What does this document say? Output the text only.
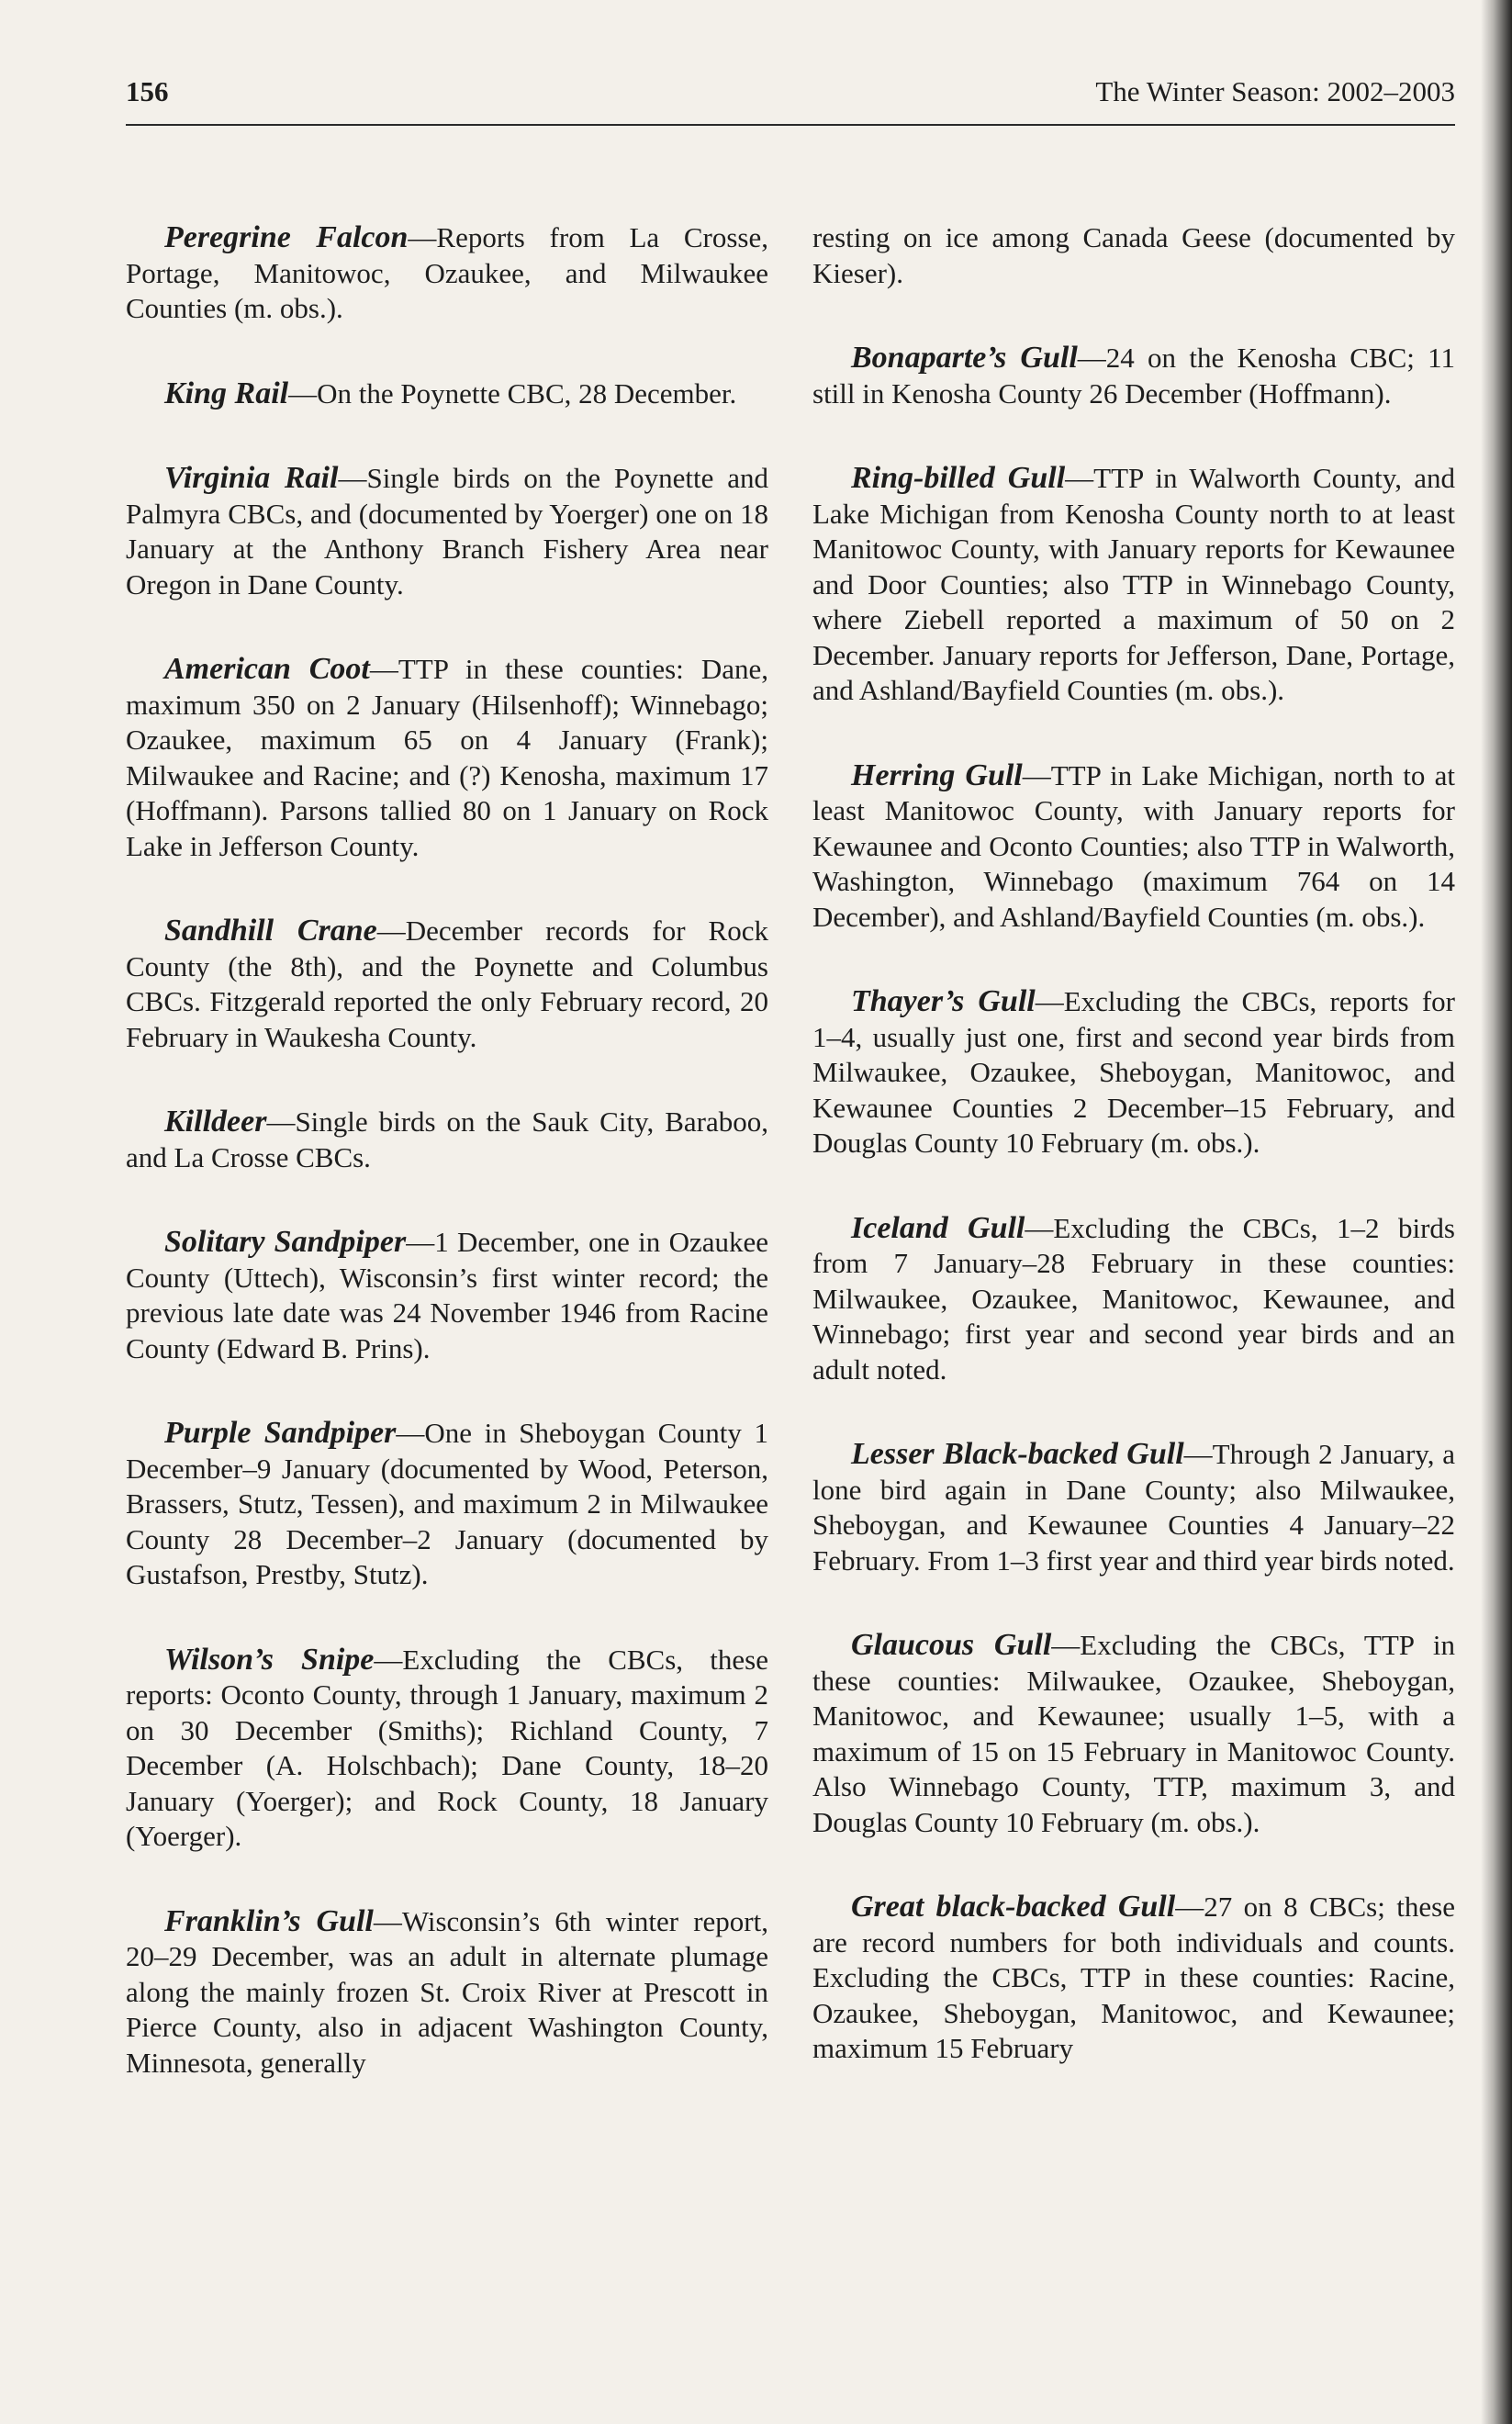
156	The Winter Season: 2002–2003

Peregrine Falcon—Reports from La Crosse, Portage, Manitowoc, Ozaukee, and Milwaukee Counties (m. obs.).

King Rail—On the Poynette CBC, 28 December.

Virginia Rail—Single birds on the Poynette and Palmyra CBCs, and (documented by Yoerger) one on 18 January at the Anthony Branch Fishery Area near Oregon in Dane County.

American Coot—TTP in these counties: Dane, maximum 350 on 2 January (Hilsenhoff); Winnebago; Ozaukee, maximum 65 on 4 January (Frank); Milwaukee and Racine; and (?) Kenosha, maximum 17 (Hoffmann). Parsons tallied 80 on 1 January on Rock Lake in Jefferson County.

Sandhill Crane—December records for Rock County (the 8th), and the Poynette and Columbus CBCs. Fitzgerald reported the only February record, 20 February in Waukesha County.

Killdeer—Single birds on the Sauk City, Baraboo, and La Crosse CBCs.

Solitary Sandpiper—1 December, one in Ozaukee County (Uttech), Wisconsin’s first winter record; the previous late date was 24 November 1946 from Racine County (Edward B. Prins).

Purple Sandpiper—One in Sheboygan County 1 December–9 January (documented by Wood, Peterson, Brassers, Stutz, Tessen), and maximum 2 in Milwaukee County 28 December–2 January (documented by Gustafson, Prestby, Stutz).

Wilson’s Snipe—Excluding the CBCs, these reports: Oconto County, through 1 January, maximum 2 on 30 December (Smiths); Richland County, 7 December (A. Holschbach); Dane County, 18–20 January (Yoerger); and Rock County, 18 January (Yoerger).

Franklin’s Gull—Wisconsin’s 6th winter report, 20–29 December, was an adult in alternate plumage along the mainly frozen St. Croix River at Prescott in Pierce County, also in adjacent Washington County, Minnesota, generally

resting on ice among Canada Geese (documented by Kieser).

Bonaparte’s Gull—24 on the Kenosha CBC; 11 still in Kenosha County 26 December (Hoffmann).

Ring-billed Gull—TTP in Walworth County, and Lake Michigan from Kenosha County north to at least Manitowoc County, with January reports for Kewaunee and Door Counties; also TTP in Winnebago County, where Ziebell reported a maximum of 50 on 2 December. January reports for Jefferson, Dane, Portage, and Ashland/Bayfield Counties (m. obs.).

Herring Gull—TTP in Lake Michigan, north to at least Manitowoc County, with January reports for Kewaunee and Oconto Counties; also TTP in Walworth, Washington, Winnebago (maximum 764 on 14 December), and Ashland/Bayfield Counties (m. obs.).

Thayer’s Gull—Excluding the CBCs, reports for 1–4, usually just one, first and second year birds from Milwaukee, Ozaukee, Sheboygan, Manitowoc, and Kewaunee Counties 2 December–15 February, and Douglas County 10 February (m. obs.).

Iceland Gull—Excluding the CBCs, 1–2 birds from 7 January–28 February in these counties: Milwaukee, Ozaukee, Manitowoc, Kewaunee, and Winnebago; first year and second year birds and an adult noted.

Lesser Black-backed Gull—Through 2 January, a lone bird again in Dane County; also Milwaukee, Sheboygan, and Kewaunee Counties 4 January–22 February. From 1–3 first year and third year birds noted.

Glaucous Gull—Excluding the CBCs, TTP in these counties: Milwaukee, Ozaukee, Sheboygan, Manitowoc, and Kewaunee; usually 1–5, with a maximum of 15 on 15 February in Manitowoc County. Also Winnebago County, TTP, maximum 3, and Douglas County 10 February (m. obs.).

Great black-backed Gull—27 on 8 CBCs; these are record numbers for both individuals and counts. Excluding the CBCs, TTP in these counties: Racine, Ozaukee, Sheboygan, Manitowoc, and Kewaunee; maximum 15 February
